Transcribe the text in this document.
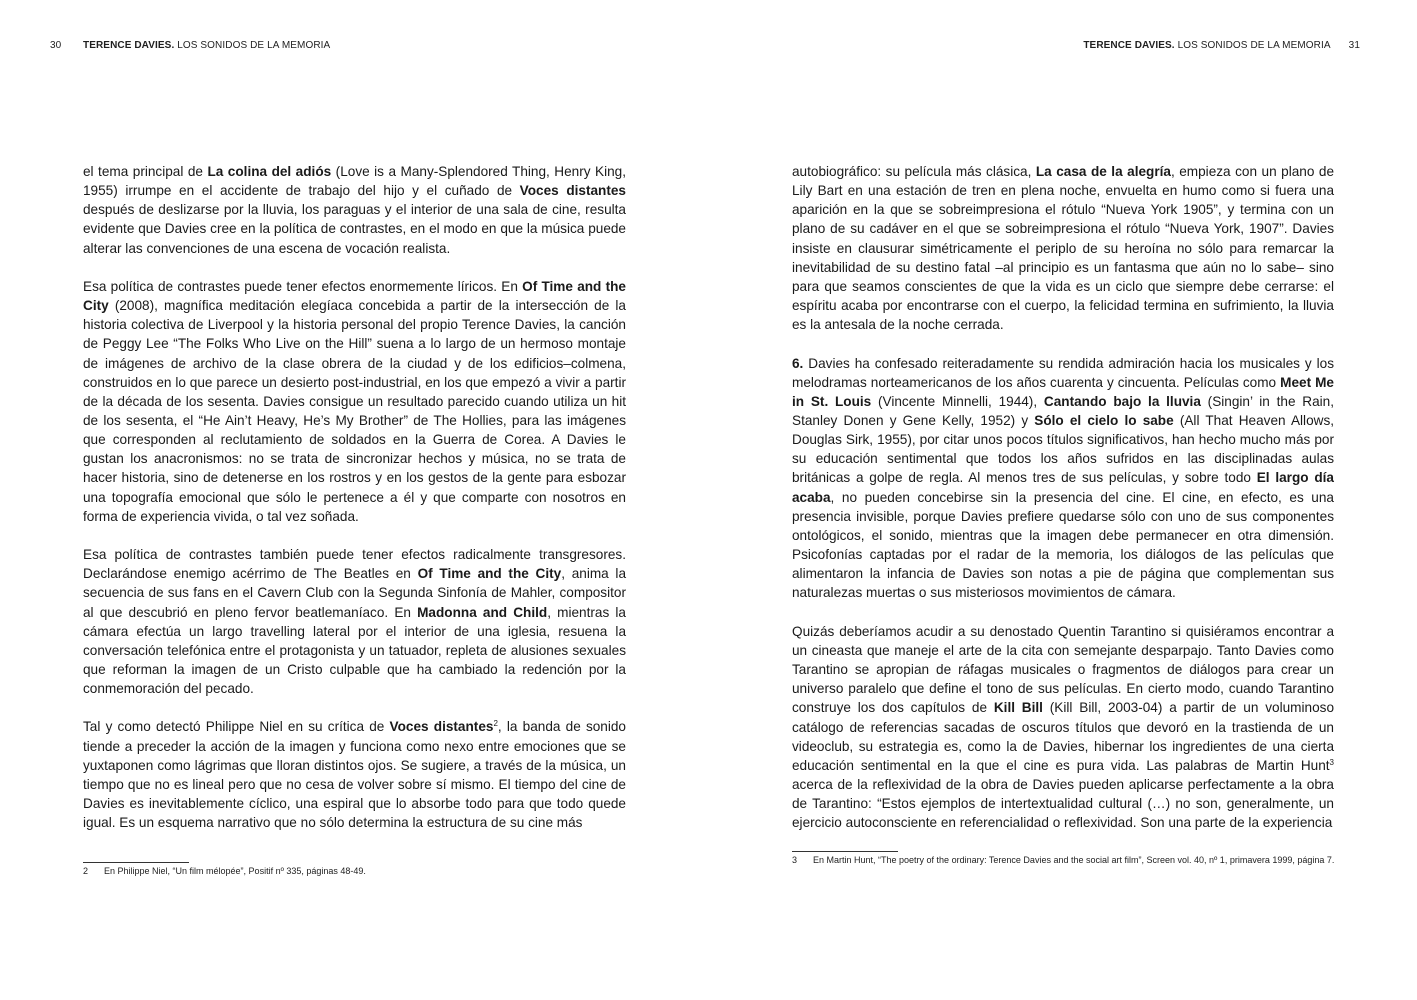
30 TERENCE DAVIES. LOS SONIDOS DE LA MEMORIA

el tema principal de La colina del adiós (Love is a Many-Splendored Thing, Henry King, 1955) irrumpe en el accidente de trabajo del hijo y el cuñado de Voces distantes después de deslizarse por la lluvia, los paraguas y el interior de una sala de cine, resulta evidente que Davies cree en la política de contrastes, en el modo en que la música puede alterar las convenciones de una escena de vocación realista.

Esa política de contrastes puede tener efectos enormemente líricos. En Of Time and the City (2008), magnífica meditación elegíaca concebida a partir de la intersección de la historia colectiva de Liverpool y la historia personal del propio Terence Davies, la canción de Peggy Lee “The Folks Who Live on the Hill” suena a lo largo de un hermoso montaje de imágenes de archivo de la clase obrera de la ciudad y de los edificios–colmena, construidos en lo que parece un desierto post-industrial, en los que empezó a vivir a partir de la década de los sesenta. Davies consigue un resultado parecido cuando utiliza un hit de los sesenta, el “He Ain’t Heavy, He’s My Brother” de The Hollies, para las imágenes que corresponden al reclutamiento de soldados en la Guerra de Corea. A Davies le gustan los anacronismos: no se trata de sincronizar hechos y música, no se trata de hacer historia, sino de detenerse en los rostros y en los gestos de la gente para esbozar una topografía emocional que sólo le pertenece a él y que comparte con nosotros en forma de experiencia vivida, o tal vez soñada.

Esa política de contrastes también puede tener efectos radicalmente transgresores. Declarándose enemigo acérrimo de The Beatles en Of Time and the City, anima la secuencia de sus fans en el Cavern Club con la Segunda Sinfonía de Mahler, compositor al que descubrió en pleno fervor beatlemaníaco. En Madonna and Child, mientras la cámara efectúa un largo travelling lateral por el interior de una iglesia, resuena la conversación telefónica entre el protagonista y un tatuador, repleta de alusiones sexuales que reforman la imagen de un Cristo culpable que ha cambiado la redención por la conmemoración del pecado.

Tal y como detectó Philippe Niel en su crítica de Voces distantes$^2$, la banda de sonido tiende a preceder la acción de la imagen y funciona como nexo entre emociones que se yuxtaponen como lágrimas que lloran distintos ojos. Se sugiere, a través de la música, un tiempo que no es lineal pero que no cesa de volver sobre sí mismo. El tiempo del cine de Davies es inevitablemente cíclico, una espiral que lo absorbe todo para que todo quede igual. Es un esquema narrativo que no sólo determina la estructura de su cine más

2 En Philippe Niel, “Un film mélopée”, Positif nº 335, páginas 48-49.
TERENCE DAVIES. LOS SONIDOS DE LA MEMORIA 31

autobiográfico: su película más clásica, La casa de la alegría, empieza con un plano de Lily Bart en una estación de tren en plena noche, envuelta en humo como si fuera una aparición en la que se sobreimpresiona el rótulo “Nueva York 1905”, y termina con un plano de su cadáver en el que se sobreimpresiona el rótulo “Nueva York, 1907”. Davies insiste en clausurar simétricamente el periplo de su heroína no sólo para remarcar la inevitabilidad de su destino fatal –al principio es un fantasma que aún no lo sabe– sino para que seamos conscientes de que la vida es un ciclo que siempre debe cerrarse: el espíritu acaba por encontrarse con el cuerpo, la felicidad termina en sufrimiento, la lluvia es la antesala de la noche cerrada.

6. Davies ha confesado reiteradamente su rendida admiración hacia los musicales y los melodramas norteamericanos de los años cuarenta y cincuenta. Películas como Meet Me in St. Louis (Vincente Minnelli, 1944), Cantando bajo la lluvia (Singin’ in the Rain, Stanley Donen y Gene Kelly, 1952) y Sólo el cielo lo sabe (All That Heaven Allows, Douglas Sirk, 1955), por citar unos pocos títulos significativos, han hecho mucho más por su educación sentimental que todos los años sufridos en las disciplinadas aulas británicas a golpe de regla. Al menos tres de sus películas, y sobre todo El largo día acaba, no pueden concebirse sin la presencia del cine. El cine, en efecto, es una presencia invisible, porque Davies prefiere quedarse sólo con uno de sus componentes ontológicos, el sonido, mientras que la imagen debe permanecer en otra dimensión. Psicofonías captadas por el radar de la memoria, los diálogos de las películas que alimentaron la infancia de Davies son notas a pie de página que complementan sus naturalezas muertas o sus misteriosos movimientos de cámara.

Quizás deberíamos acudir a su denostado Quentin Tarantino si quisiéramos encontrar a un cineasta que maneje el arte de la cita con semejante desparpajo. Tanto Davies como Tarantino se apropian de ráfagas musicales o fragmentos de diálogos para crear un universo paralelo que define el tono de sus películas. En cierto modo, cuando Tarantino construye los dos capítulos de Kill Bill (Kill Bill, 2003-04) a partir de un voluminoso catálogo de referencias sacadas de oscuros títulos que devoró en la trastienda de un videoclub, su estrategia es, como la de Davies, hibernar los ingredientes de una cierta educación sentimental en la que el cine es pura vida. Las palabras de Martin Hunt$^3$ acerca de la reflexividad de la obra de Davies pueden aplicarse perfectamente a la obra de Tarantino: “Estos ejemplos de intertextualidad cultural (…) no son, generalmente, un ejercicio autoconsciente en referencialidad o reflexividad. Son una parte de la experiencia

3 En Martin Hunt, “The poetry of the ordinary: Terence Davies and the social art film”, Screen vol. 40, nº 1, primavera 1999, página 7.
